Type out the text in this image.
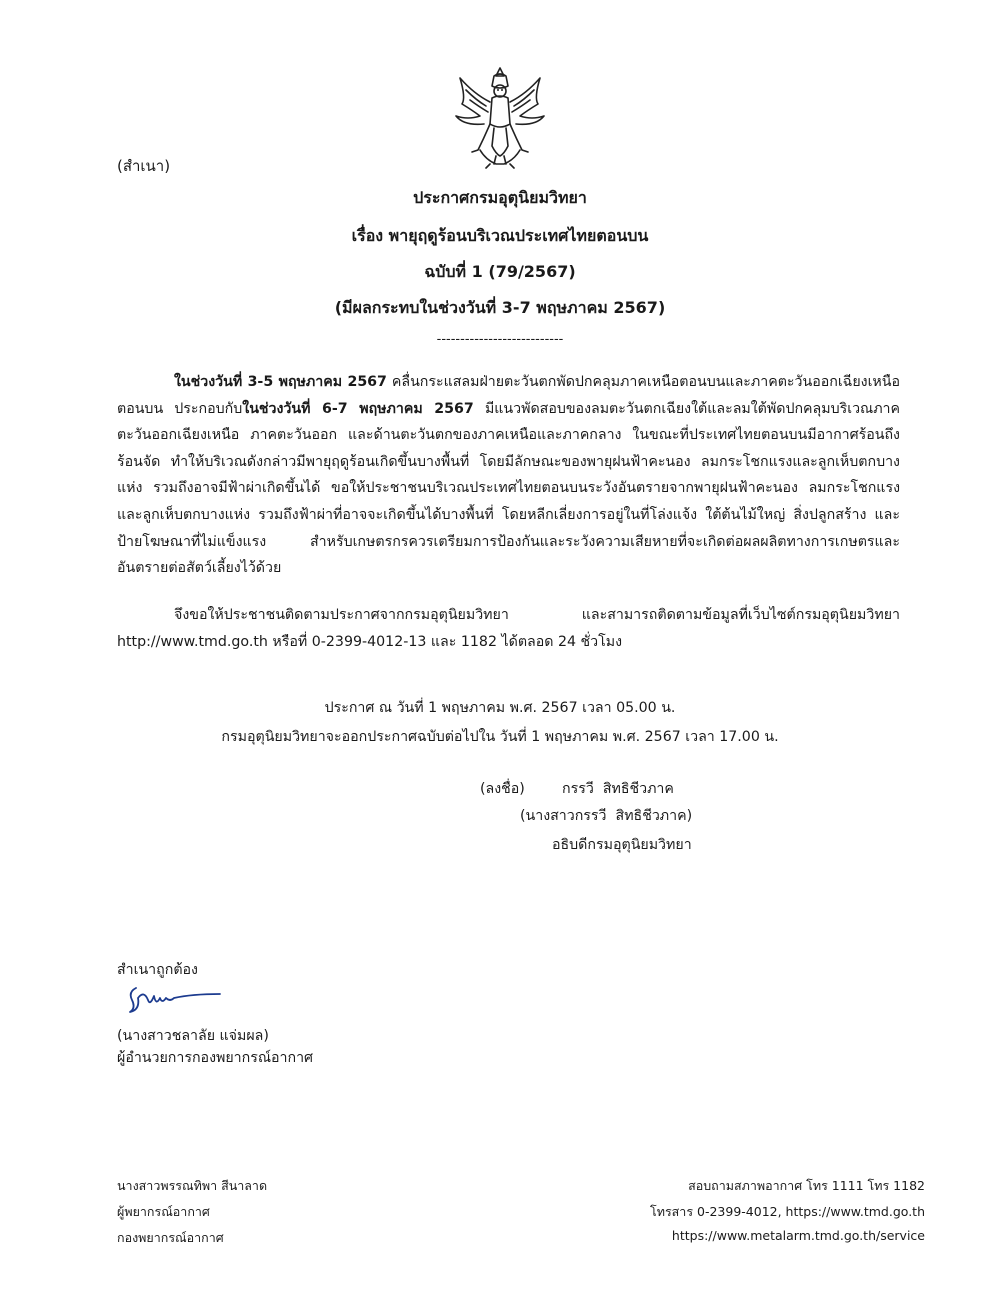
(สำเนา)
ประกาศกรมอุตุนิยมวิทยา
เรื่อง พายุฤดูร้อนบริเวณประเทศไทยตอนบน
ฉบับที่ 1 (79/2567)
(มีผลกระทบในช่วงวันที่ 3-7 พฤษภาคม 2567)
---------------------------

ในช่วงวันที่ 3-5 พฤษภาคม 2567 คลื่นกระแสลมฝ่ายตะวันตกพัดปกคลุมภาคเหนือตอนบนและภาคตะวันออกเฉียงเหนือตอนบน ประกอบกับในช่วงวันที่ 6-7 พฤษภาคม 2567 มีแนวพัดสอบของลมตะวันตกเฉียงใต้และลมใต้พัดปกคลุมบริเวณภาคตะวันออกเฉียงเหนือ ภาคตะวันออก และด้านตะวันตกของภาคเหนือและภาคกลาง ในขณะที่ประเทศไทยตอนบนมีอากาศร้อนถึงร้อนจัด ทำให้บริเวณดังกล่าวมีพายุฤดูร้อนเกิดขึ้นบางพื้นที่ โดยมีลักษณะของพายุฝนฟ้าคะนอง ลมกระโชกแรงและลูกเห็บตกบางแห่ง รวมถึงอาจมีฟ้าผ่าเกิดขึ้นได้ ขอให้ประชาชนบริเวณประเทศไทยตอนบนระวังอันตรายจากพายุฝนฟ้าคะนอง ลมกระโชกแรง และลูกเห็บตกบางแห่ง รวมถึงฟ้าผ่าที่อาจจะเกิดขึ้นได้บางพื้นที่ โดยหลีกเลี่ยงการอยู่ในที่โล่งแจ้ง ใต้ต้นไม้ใหญ่ สิ่งปลูกสร้าง และป้ายโฆษณาที่ไม่แข็งแรง สำหรับเกษตรกรควรเตรียมการป้องกันและระวังความเสียหายที่จะเกิดต่อผลผลิตทางการเกษตรและอันตรายต่อสัตว์เลี้ยงไว้ด้วย

จึงขอให้ประชาชนติดตามประกาศจากกรมอุตุนิยมวิทยา และสามารถติดตามข้อมูลที่เว็บไซต์กรมอุตุนิยมวิทยา http://www.tmd.go.th หรือที่ 0-2399-4012-13 และ 1182 ได้ตลอด 24 ชั่วโมง

ประกาศ ณ วันที่ 1 พฤษภาคม พ.ศ. 2567 เวลา 05.00 น.
กรมอุตุนิยมวิทยาจะออกประกาศฉบับต่อไปใน วันที่ 1 พฤษภาคม พ.ศ. 2567 เวลา 17.00 น.
(ลงชื่อ)	กรรวี  สิทธิชีวภาค
(นางสาวกรรวี  สิทธิชีวภาค)
อธิบดีกรมอุตุนิยมวิทยา
สำเนาถูกต้อง
(นางสาวชลาลัย แจ่มผล)
ผู้อำนวยการกองพยากรณ์อากาศ
นางสาวพรรณทิพา สีนาลาด
ผู้พยากรณ์อากาศ
กองพยากรณ์อากาศ
สอบถามสภาพอากาศ โทร 1111 โทร 1182
โทรสาร 0-2399-4012, https://www.tmd.go.th
https://www.metalarm.tmd.go.th/service
